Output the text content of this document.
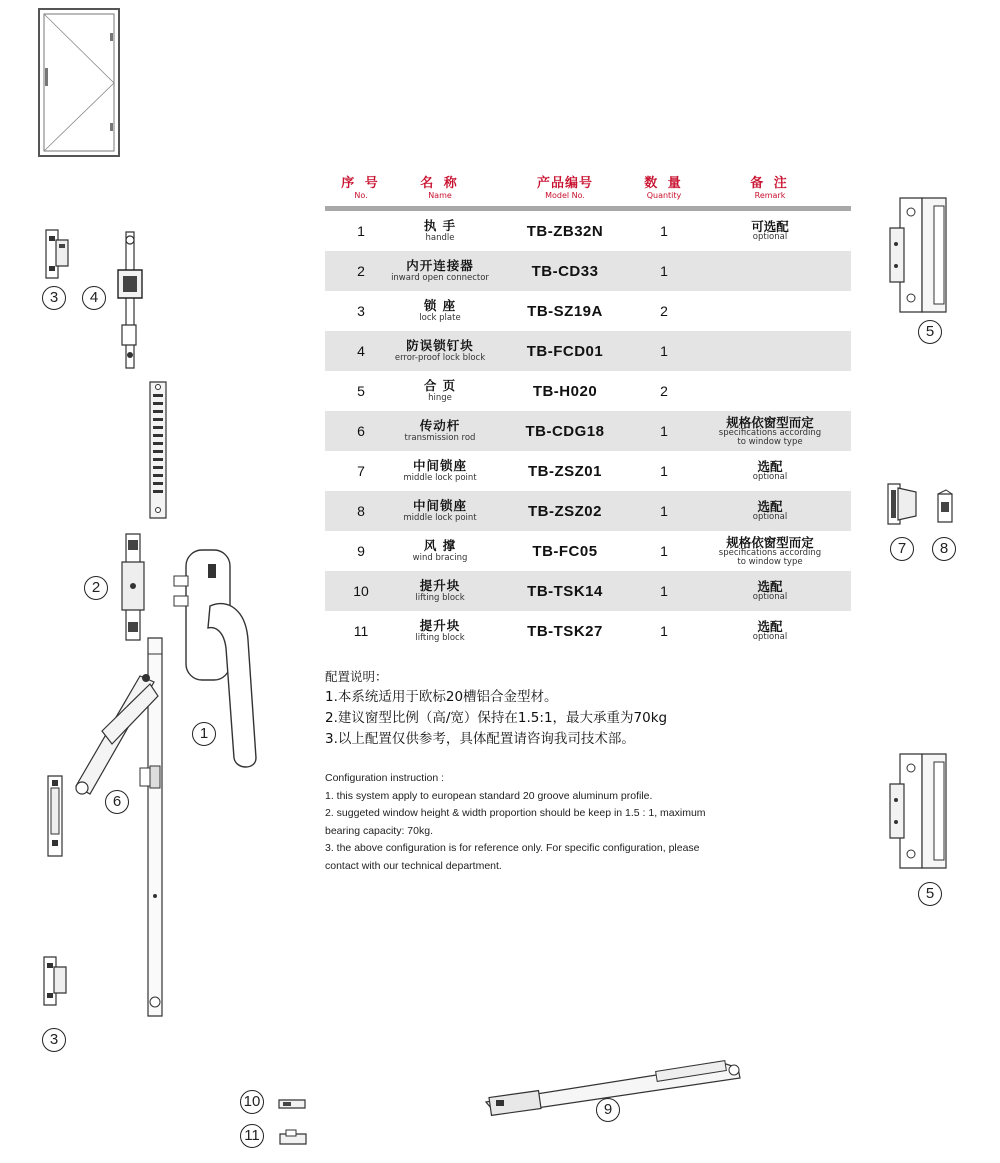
3	4
2
1
6
3
10
11
9
5
7	8
5
序 号
No.
名 称
Name
产品编号
Model No.
数 量
Quantity
备 注
Remark
1	执 手
handle	TB-ZB32N	1	可选配
optional
2	内开连接器
inward open connector	TB-CD33	1
3	锁 座
lock plate	TB-SZ19A	2
4	防误锁钉块
error-proof lock block	TB-FCD01	1
5	合 页
hinge	TB-H020	2
6	传动杆
transmission rod	TB-CDG18	1
规格依窗型而定
specifications according
to window type
7	中间锁座
middle lock point	TB-ZSZ01	1	选配
optional
8	中间锁座
middle lock point	TB-ZSZ02	1	选配
optional
9	风 撑
wind bracing	TB-FC05	1
规格依窗型而定
specifications according
to window type
10	提升块
lifting block	TB-TSK14	1	选配
optional
11	提升块
lifting block	TB-TSK27	1	选配
optional
配置说明：
1.本系统适用于欧标20槽铝合金型材。
2.建议窗型比例（高/宽）保持在1.5:1，最大承重为70kg
3.以上配置仅供参考，具体配置请咨询我司技术部。
Configuration instruction :
1. this system apply to european standard 20 groove aluminum profile.
2. suggeted window height & width proportion should be keep in 1.5 : 1, maximum
bearing capacity: 70kg.
3. the above configuration is for reference only. For specific configuration, please
contact with our technical department.
